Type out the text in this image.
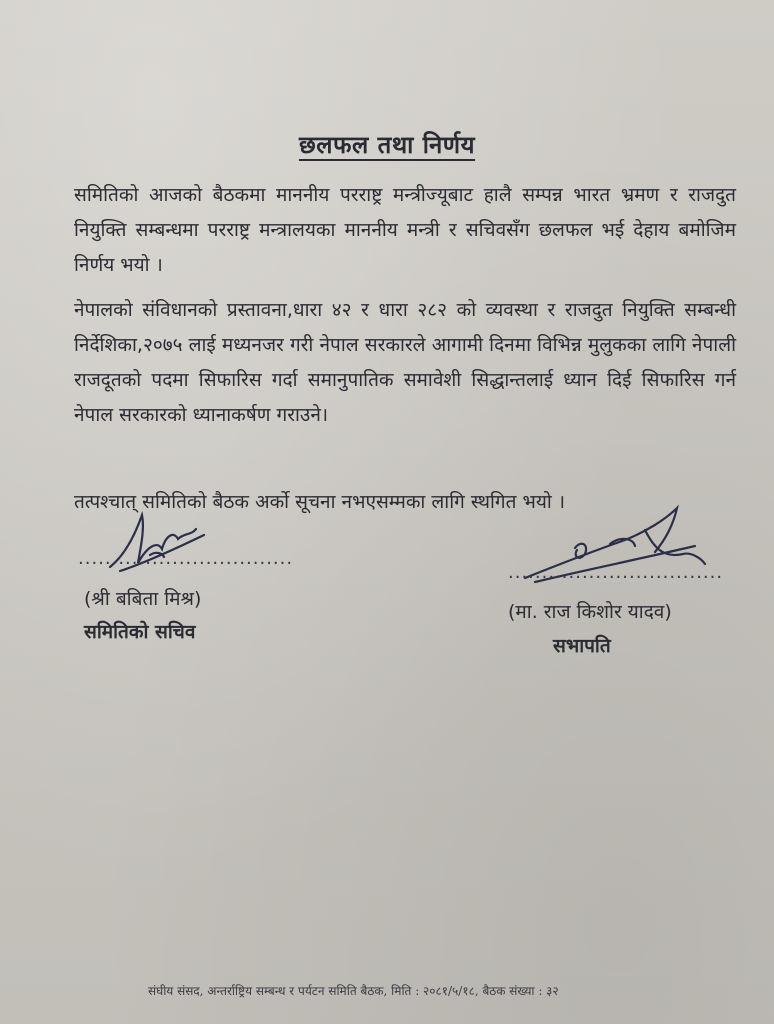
छलफल तथा निर्णय
समितिको आजको बैठकमा माननीय परराष्ट्र मन्त्रीज्यूबाट हालै सम्पन्न भारत भ्रमण र राजदुत नियुक्ति सम्बन्धमा परराष्ट्र मन्त्रालयका माननीय मन्त्री र सचिवसँग छलफल भई देहाय बमोजिम निर्णय भयो ।
नेपालको संविधानको प्रस्तावना,धारा ४२ र धारा २८२ को व्यवस्था र राजदुत नियुक्ति सम्बन्धी निर्देशिका,२०७५ लाई मध्यनजर गरी नेपाल सरकारले आगामी दिनमा विभिन्न मुलुकका लागि नेपाली राजदूतको पदमा सिफारिस गर्दा समानुपातिक समावेशी सिद्धान्तलाई ध्यान दिई सिफारिस गर्न नेपाल सरकारको ध्यानाकर्षण गराउने।
तत्पश्चात् समितिको बैठक अर्को सूचना नभएसम्मका लागि स्थगित भयो ।
................................
(श्री बबिता मिश्र)
समितिको सचिव
................................
(मा. राज किशोर यादव)
सभापति
संघीय संसद, अन्तर्राष्ट्रिय सम्बन्ध र पर्यटन समिति बैठक, मिति : २०८१/५/१८, बैठक संख्या : ३२
